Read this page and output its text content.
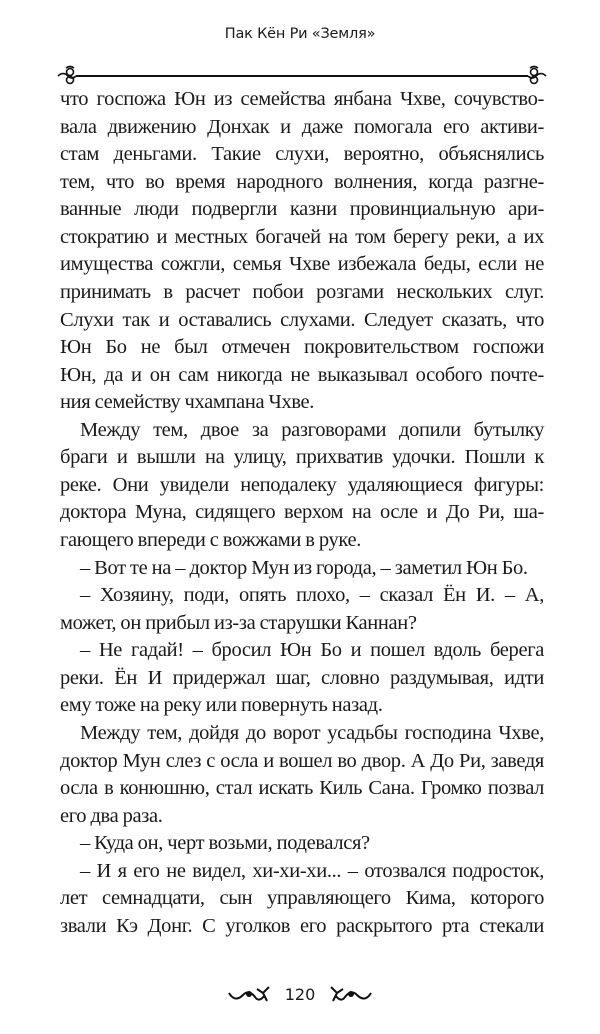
Пак Кён Ри «Земля»
что госпожа Юн из семейства янбана Чхве, сочувство-
вала движению Донхак и даже помогала его активи-
стам деньгами. Такие слухи, вероятно, объяснялись
тем, что во время народного волнения, когда разгне-
ванные люди подвергли казни провинциальную ари-
стократию и местных богачей на том берегу реки, а их
имущества сожгли, семья Чхве избежала беды, если не
принимать в расчет побои розгами нескольких слуг.
Слухи так и оставались слухами. Следует сказать, что
Юн Бо не был отмечен покровительством госпожи
Юн, да и он сам никогда не выказывал особого почте-
ния семейству чхампана Чхве.
Между тем, двое за разговорами допили бутылку
браги и вышли на улицу, прихватив удочки. Пошли к
реке. Они увидели неподалеку удаляющиеся фигуры:
доктора Муна, сидящего верхом на осле и До Ри, ша-
гающего впереди с вожжами в руке.
– Вот те на – доктор Мун из города, – заметил Юн Бо.
– Хозяину, поди, опять плохо, – сказал Ён И. – А,
может, он прибыл из-за старушки Каннан?
– Не гадай! – бросил Юн Бо и пошел вдоль берега
реки. Ён И придержал шаг, словно раздумывая, идти
ему тоже на реку или повернуть назад.
Между тем, дойдя до ворот усадьбы господина Чхве,
доктор Мун слез с осла и вошел во двор. А До Ри, заведя
осла в конюшню, стал искать Киль Сана. Громко позвал
его два раза.
– Куда он, черт возьми, подевался?
– И я его не видел, хи-хи-хи... – отозвался подросток,
лет семнадцати, сын управляющего Кима, которого
звали Кэ Донг. С уголков его раскрытого рта стекали
120
